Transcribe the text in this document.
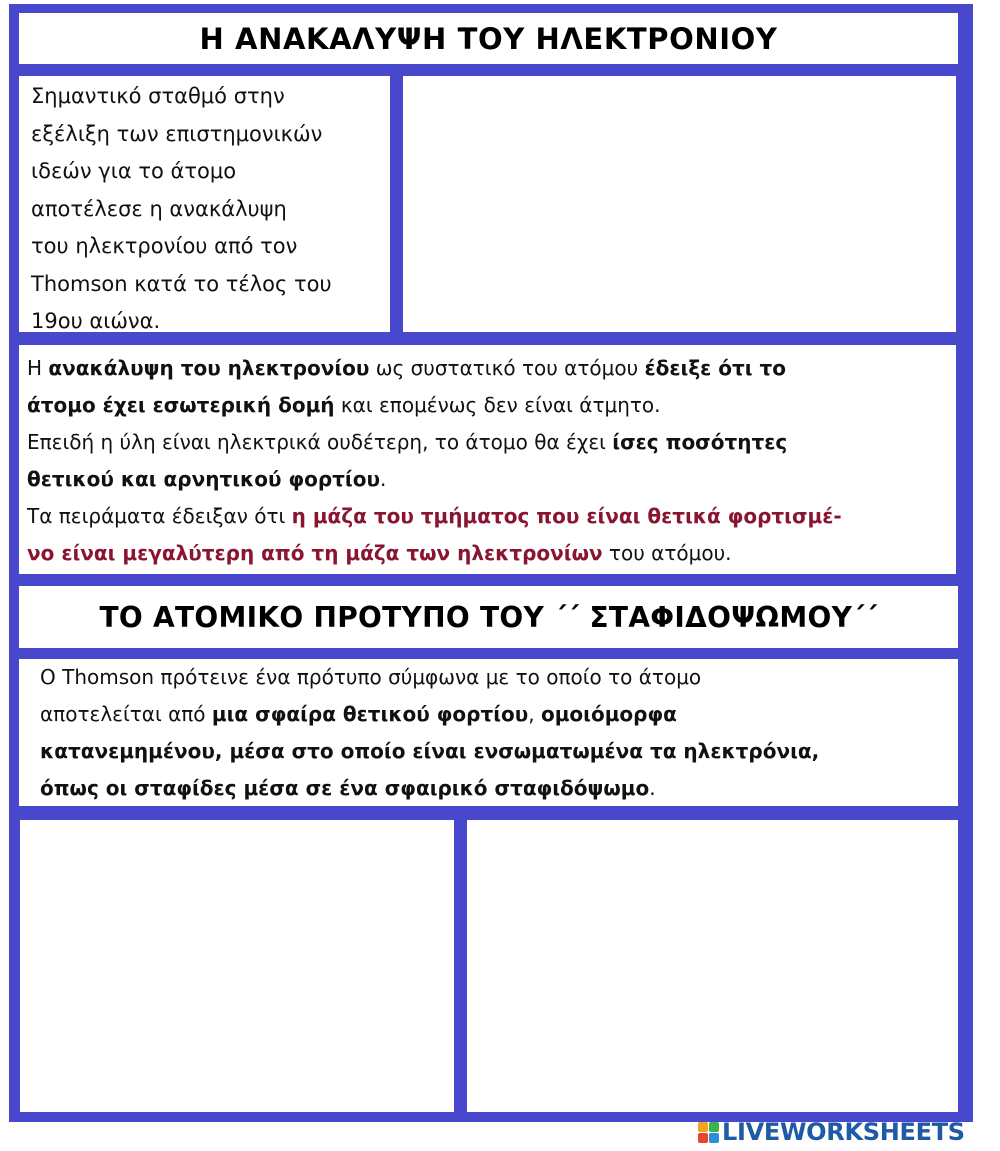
Η ΑΝΑΚΑΛΥΨΗ ΤΟΥ ΗΛΕΚΤΡΟΝΙΟΥ
Σημαντικό σταθμό στην
εξέλιξη των επιστημονικών
ιδεών για το άτομο
αποτέλεσε η ανακάλυψη
του ηλεκτρονίου από τον
Thomson κατά το τέλος του
19ου αιώνα.
Η ανακάλυψη του ηλεκτρονίου ως συστατικό του ατόμου έδειξε ότι το
άτομο έχει εσωτερική δομή και επομένως δεν είναι άτμητο.
Επειδή η ύλη είναι ηλεκτρικά ουδέτερη, το άτομο θα έχει ίσες ποσότητες
θετικού και αρνητικού φορτίου.
Τα πειράματα έδειξαν ότι η μάζα του τμήματος που είναι θετικά φορτισμέ-
νο είναι μεγαλύτερη από τη μάζα των ηλεκτρονίων του ατόμου.
ΤΟ ΑΤΟΜΙΚΟ ΠΡΟΤΥΠΟ ΤΟΥ ΄΄ ΣΤΑΦΙΔΟΨΩΜΟΥ΄΄
Ο Thomson πρότεινε ένα πρότυπο σύμφωνα με το οποίο το άτομο
αποτελείται από μια σφαίρα θετικού φορτίου, ομοιόμορφα
κατανεμημένου, μέσα στο οποίο είναι ενσωματωμένα τα ηλεκτρόνια,
όπως οι σταφίδες μέσα σε ένα σφαιρικό σταφιδόψωμο.
LIVEWORKSHEETS
